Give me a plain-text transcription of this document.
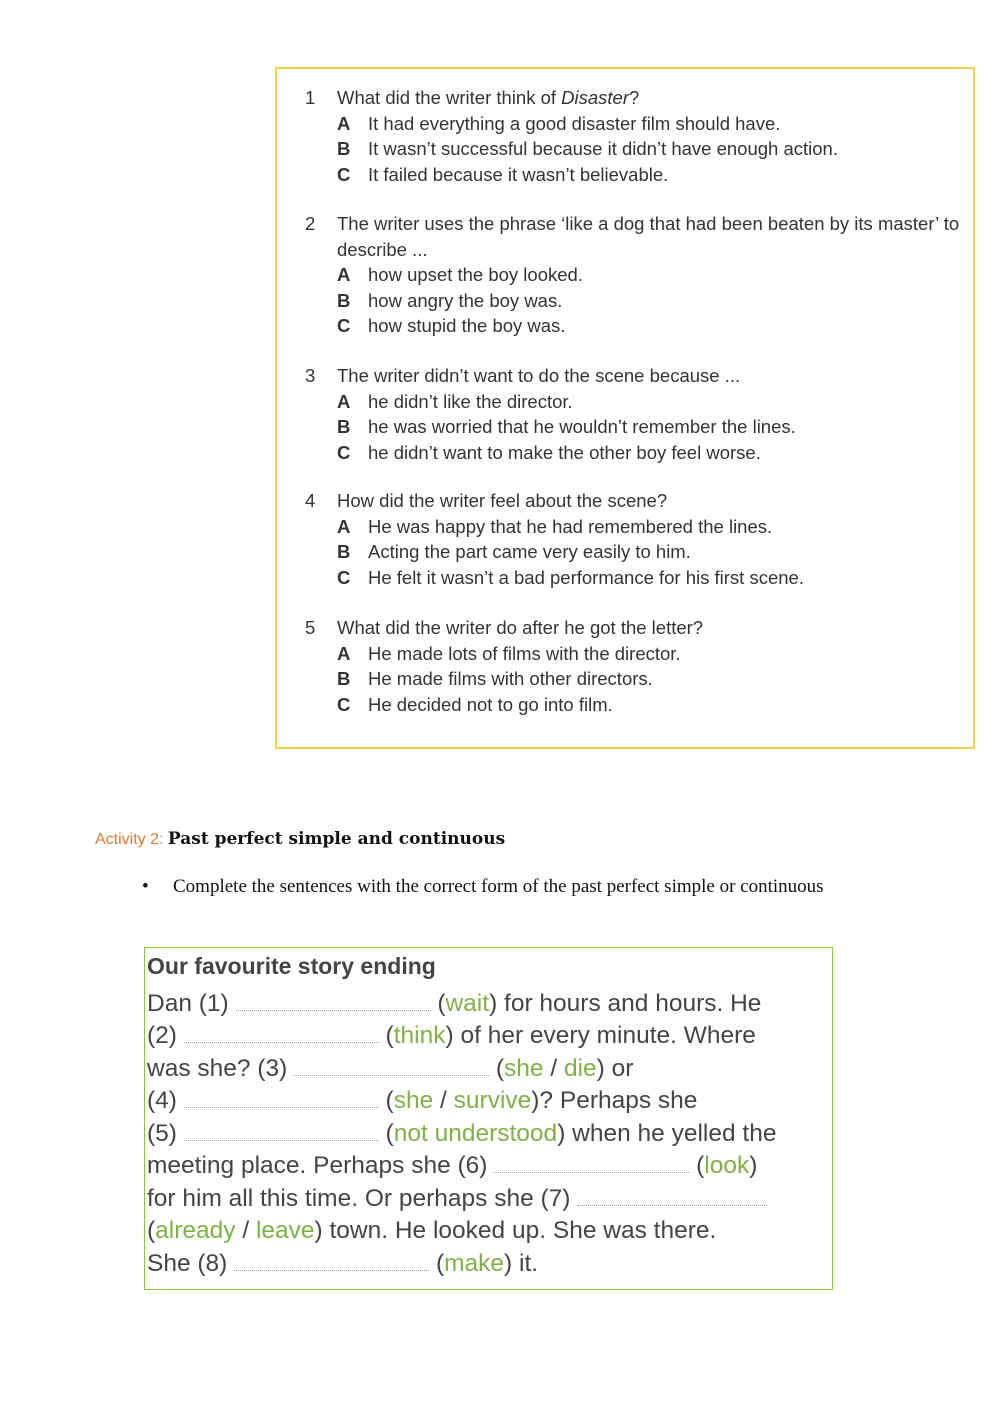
1	What did the writer think of Disaster?
A It had everything a good disaster film should have.
B It wasn’t successful because it didn’t have enough action.
C It failed because it wasn’t believable.
2	The writer uses the phrase ‘like a dog that had been beaten by its master’ to describe ...
A how upset the boy looked.
B how angry the boy was.
C how stupid the boy was.
3	The writer didn’t want to do the scene because ...
A he didn’t like the director.
B he was worried that he wouldn’t remember the lines.
C he didn’t want to make the other boy feel worse.
4	How did the writer feel about the scene?
A He was happy that he had remembered the lines.
B Acting the part came very easily to him.
C He felt it wasn’t a bad performance for his first scene.
5	What did the writer do after he got the letter?
A He made lots of films with the director.
B He made films with other directors.
C He decided not to go into film.
Activity 2: Past perfect simple and continuous
•	Complete the sentences with the correct form of the past perfect simple or continuous
Our favourite story ending
Dan (1)	(wait) for hours and hours. He
(2)	(think) of her every minute. Where
was she? (3)	(she / die) or
(4)	(she / survive)? Perhaps she
(5)	(not understood) when he yelled the
meeting place. Perhaps she (6)	(look)
for him all this time. Or perhaps she (7)
(already / leave) town. He looked up. She was there.
She (8)	(make) it.
